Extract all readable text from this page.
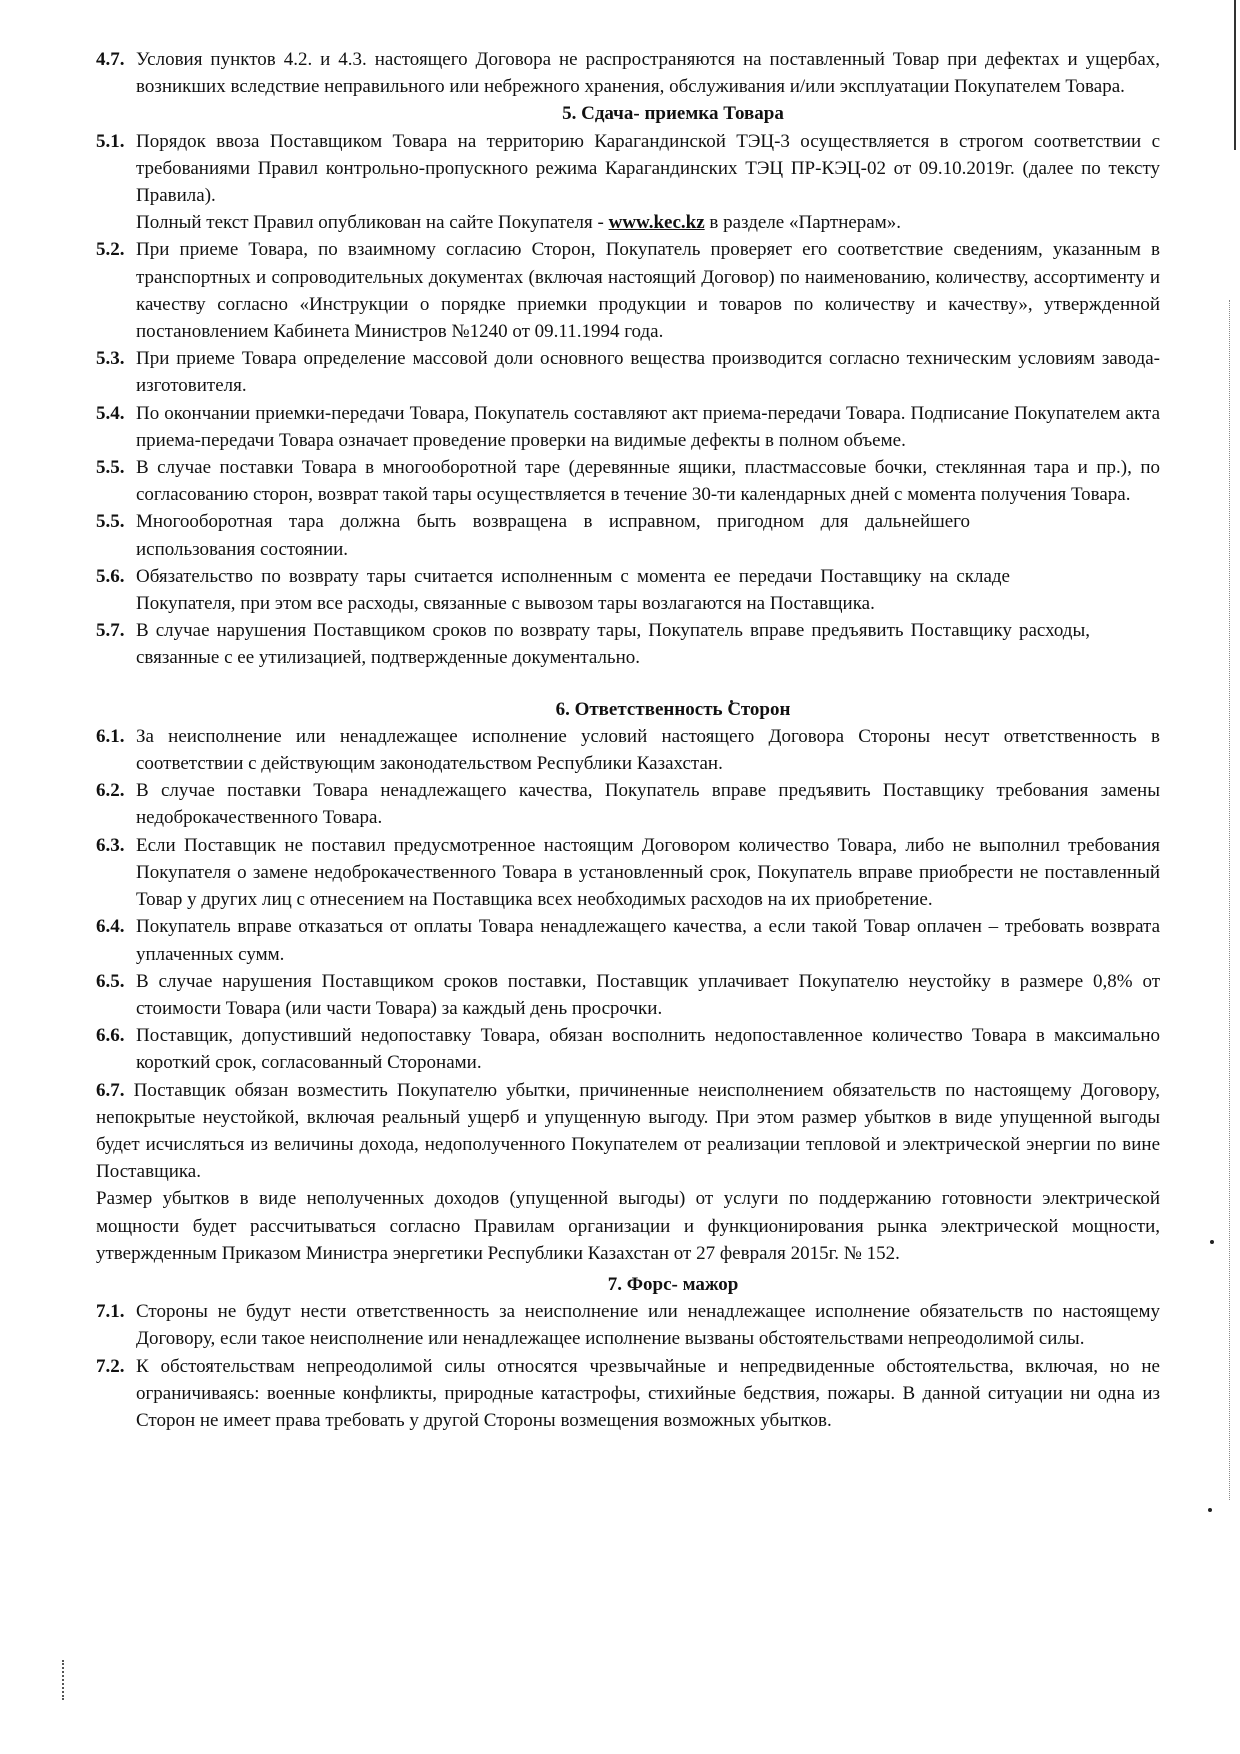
4.7. Условия пунктов 4.2. и 4.3. настоящего Договора не распространяются на поставленный Товар при дефектах и ущербах, возникших вследствие неправильного или небрежного хранения, обслуживания и/или эксплуатации Покупателем Товара.
5. Сдача- приемка Товара
5.1. Порядок ввоза Поставщиком Товара на территорию Карагандинской ТЭЦ-3 осуществляется в строгом соответствии с требованиями Правил контрольно-пропускного режима Карагандинских ТЭЦ ПР-КЭЦ-02 от 09.10.2019г. (далее по тексту Правила).
Полный текст Правил опубликован на сайте Покупателя - www.kec.kz в разделе «Партнерам».
5.2. При приеме Товара, по взаимному согласию Сторон, Покупатель проверяет его соответствие сведениям, указанным в транспортных и сопроводительных документах (включая настоящий Договор) по наименованию, количеству, ассортименту и качеству согласно «Инструкции о порядке приемки продукции и товаров по количеству и качеству», утвержденной постановлением Кабинета Министров №1240 от 09.11.1994 года.
5.3. При приеме Товара определение массовой доли основного вещества производится согласно техническим условиям завода-изготовителя.
5.4. По окончании приемки-передачи Товара, Покупатель составляют акт приема-передачи Товара. Подписание Покупателем акта приема-передачи Товара означает проведение проверки на видимые дефекты в полном объеме.
5.5. В случае поставки Товара в многооборотной таре (деревянные ящики, пластмассовые бочки, стеклянная тара и пр.), по согласованию сторон, возврат такой тары осуществляется в течение 30-ти календарных дней с момента получения Товара.
5.5. Многооборотная тара должна быть возвращена в исправном, пригодном для дальнейшего использования состоянии.
5.6. Обязательство по возврату тары считается исполненным с момента ее передачи Поставщику на складе Покупателя, при этом все расходы, связанные с вывозом тары возлагаются на Поставщика.
5.7. В случае нарушения Поставщиком сроков по возврату тары, Покупатель вправе предъявить Поставщику расходы, связанные с ее утилизацией, подтвержденные документально.
6. Ответственность Сторон
6.1. За неисполнение или ненадлежащее исполнение условий настоящего Договора Стороны несут ответственность в соответствии с действующим законодательством Республики Казахстан.
6.2. В случае поставки Товара ненадлежащего качества, Покупатель вправе предъявить Поставщику требования замены недоброкачественного Товара.
6.3. Если Поставщик не поставил предусмотренное настоящим Договором количество Товара, либо не выполнил требования Покупателя о замене недоброкачественного Товара в установленный срок, Покупатель вправе приобрести не поставленный Товар у других лиц с отнесением на Поставщика всех необходимых расходов на их приобретение.
6.4. Покупатель вправе отказаться от оплаты Товара ненадлежащего качества, а если такой Товар оплачен – требовать возврата уплаченных сумм.
6.5. В случае нарушения Поставщиком сроков поставки, Поставщик уплачивает Покупателю неустойку в размере 0,8% от стоимости Товара (или части Товара) за каждый день просрочки.
6.6. Поставщик, допустивший недопоставку Товара, обязан восполнить недопоставленное количество Товара в максимально короткий срок, согласованный Сторонами.
6.7. Поставщик обязан возместить Покупателю убытки, причиненные неисполнением обязательств по настоящему Договору, непокрытые неустойкой, включая реальный ущерб и упущенную выгоду. При этом размер убытков в виде упущенной выгоды будет исчисляться из величины дохода, недополученного Покупателем от реализации тепловой и электрической энергии по вине Поставщика.
Размер убытков в виде неполученных доходов (упущенной выгоды) от услуги по поддержанию готовности электрической мощности будет рассчитываться согласно Правилам организации и функционирования рынка электрической мощности, утвержденным Приказом Министра энергетики Республики Казахстан от 27 февраля 2015г. № 152.
7. Форс- мажор
7.1. Стороны не будут нести ответственность за неисполнение или ненадлежащее исполнение обязательств по настоящему Договору, если такое неисполнение или ненадлежащее исполнение вызваны обстоятельствами непреодолимой силы.
7.2. К обстоятельствам непреодолимой силы относятся чрезвычайные и непредвиденные обстоятельства, включая, но не ограничиваясь: военные конфликты, природные катастрофы, стихийные бедствия, пожары. В данной ситуации ни одна из Сторон не имеет права требовать у другой Стороны возмещения возможных убытков.
